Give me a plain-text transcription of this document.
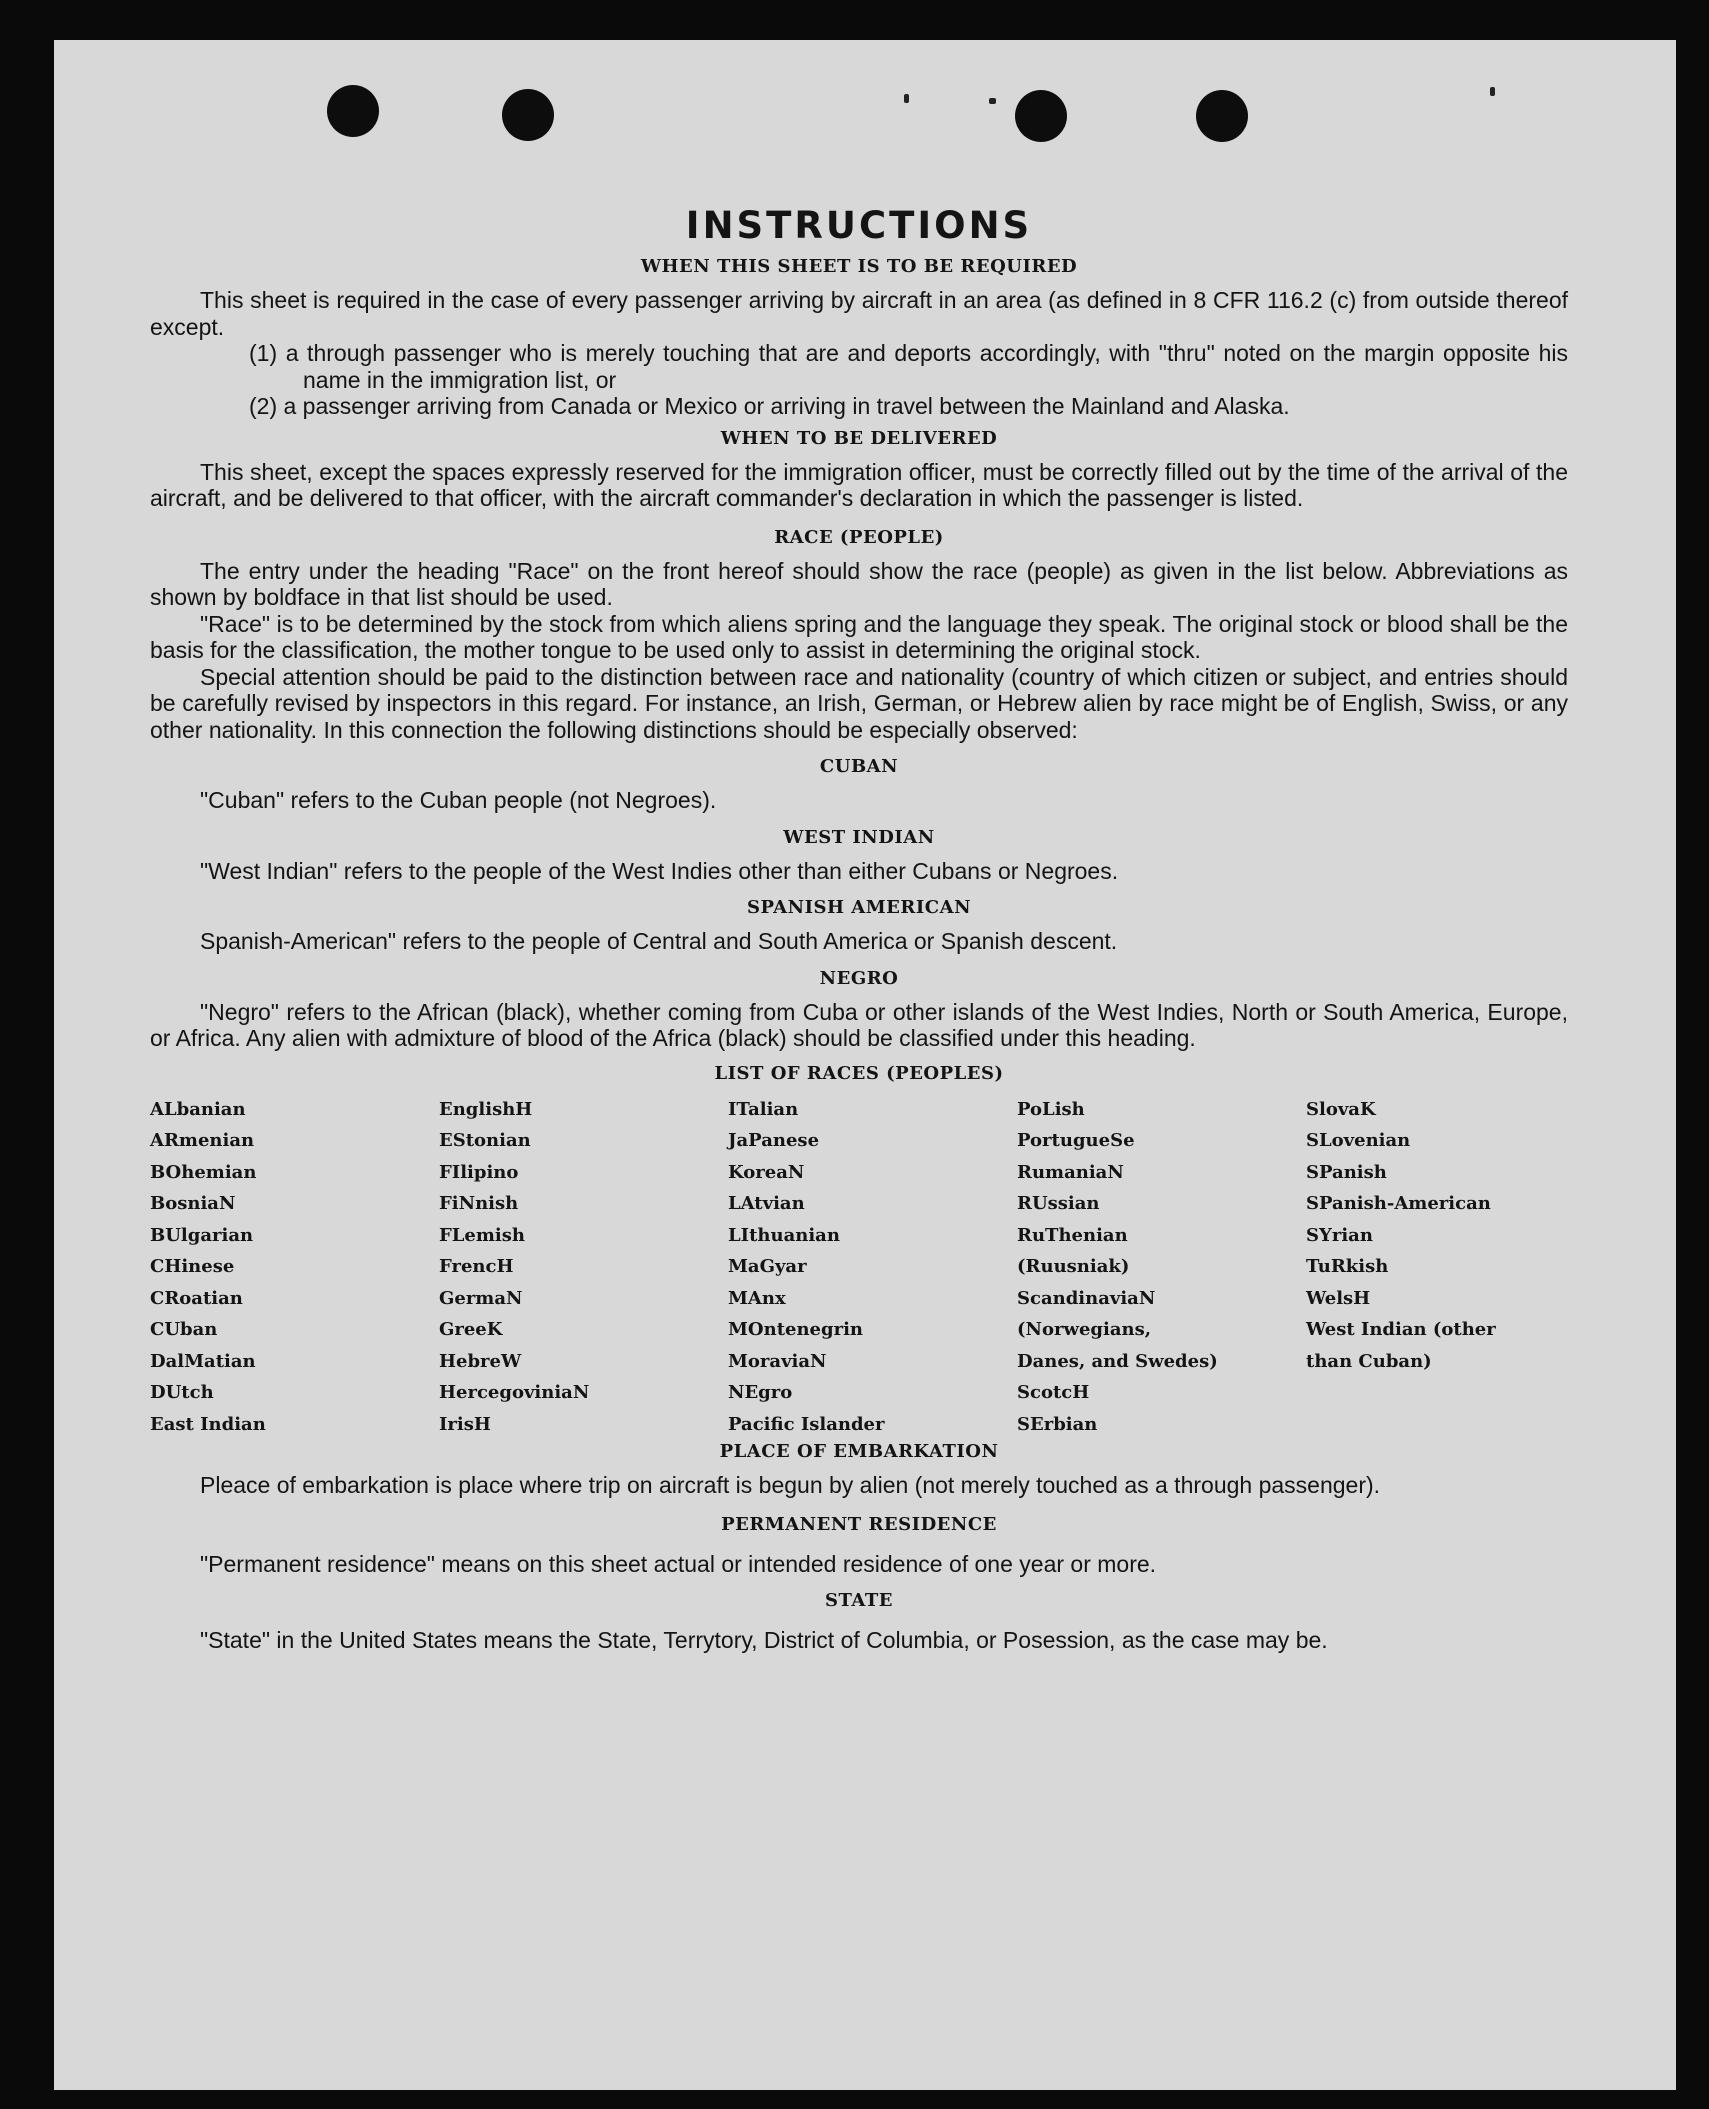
INSTRUCTIONS
WHEN THIS SHEET IS TO BE REQUIRED

This sheet is required in the case of every passenger arriving by aircraft in an area (as defined in 8 CFR 116.2 (c) from outside thereof except.

(1) a through passenger who is merely touching that are and deports accordingly, with "thru" noted on the margin opposite his name in the immigration list, or

(2) a passenger arriving from Canada or Mexico or arriving in travel between the Mainland and Alaska.

WHEN TO BE DELIVERED

This sheet, except the spaces expressly reserved for the immigration officer, must be correctly filled out by the time of the arrival of the aircraft, and be delivered to that officer, with the aircraft commander's declaration in which the passenger is listed.

RACE (PEOPLE)

The entry under the heading "Race" on the front hereof should show the race (people) as given in the list below. Abbreviations as shown by boldface in that list should be used.

"Race" is to be determined by the stock from which aliens spring and the language they speak. The original stock or blood shall be the basis for the classification, the mother tongue to be used only to assist in determining the original stock.

Special attention should be paid to the distinction between race and nationality (country of which citizen or subject, and entries should be carefully revised by inspectors in this regard. For instance, an Irish, German, or Hebrew alien by race might be of English, Swiss, or any other nationality. In this connection the following distinctions should be especially observed:

CUBAN

"Cuban" refers to the Cuban people (not Negroes).

WEST INDIAN

"West Indian" refers to the people of the West Indies other than either Cubans or Negroes.

SPANISH AMERICAN

Spanish-American" refers to the people of Central and South America or Spanish descent.

NEGRO

"Negro" refers to the African (black), whether coming from Cuba or other islands of the West Indies, North or South America, Europe, or Africa. Any alien with admixture of blood of the Africa (black) should be classified under this heading.

LIST OF RACES (PEOPLES)
ALbanian
ARmenian
BOhemian
BosniaN
BUlgarian
CHinese
CRoatian
CUban
DalMatian
DUtch
East Indian
EnglishH
EStonian
FIlipino
FiNnish
FLemish
FrencH
GermaN
GreeK
HebreW
HercegoviniaN
IrisH
ITalian
JaPanese
KoreaN
LAtvian
LIthuanian
MaGyar
MAnx
MOntenegrin
MoraviaN
NEgro
Pacific Islander
PoLish
PortugueSe
RumaniaN
RUssian

RuThenian (Ruusniak)
ScandinaviaN (Norwegians, Danes, and Swedes)
ScotcH
SErbian
SlovaK
SLovenian
SPanish
SPanish-American
SYrian
TuRkish
WelsH

West Indian (other than Cuban)
PLACE OF EMBARKATION

Pleace of embarkation is place where trip on aircraft is begun by alien (not merely touched as a through passenger).

PERMANENT RESIDENCE

"Permanent residence" means on this sheet actual or intended residence of one year or more.

STATE

"State" in the United States means the State, Terrytory, District of Columbia, or Posession, as the case may be.
